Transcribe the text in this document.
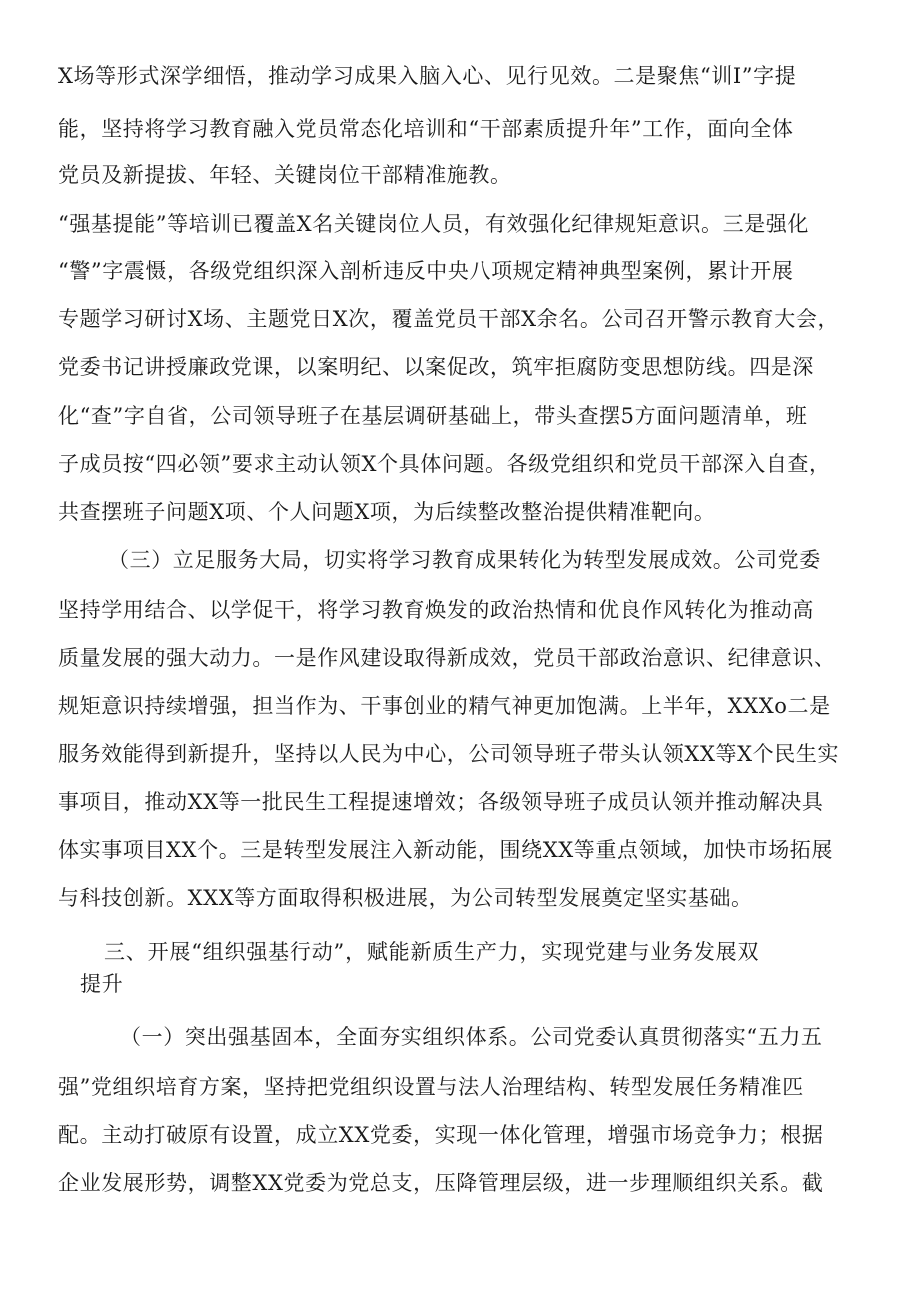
X场等形式深学细悟，推动学习成果入脑入心、见行见效。二是聚焦“训I”字提
能，坚持将学习教育融入党员常态化培训和“干部素质提升年”工作，面向全体
党员及新提拔、年轻、关键岗位干部精准施教。
“强基提能”等培训已覆盖X名关键岗位人员，有效强化纪律规矩意识。三是强化
“警”字震慑，各级党组织深入剖析违反中央八项规定精神典型案例，累计开展
专题学习研讨X场、主题党日X次，覆盖党员干部X余名。公司召开警示教育大会，
党委书记讲授廉政党课，以案明纪、以案促改，筑牢拒腐防变思想防线。四是深
化“查”字自省，公司领导班子在基层调研基础上，带头查摆5方面问题清单，班
子成员按“四必领”要求主动认领X个具体问题。各级党组织和党员干部深入自查，
共查摆班子问题X项、个人问题X项，为后续整改整治提供精准靶向。
（三）立足服务大局，切实将学习教育成果转化为转型发展成效。公司党委
坚持学用结合、以学促干，将学习教育焕发的政治热情和优良作风转化为推动高
质量发展的强大动力。一是作风建设取得新成效，党员干部政治意识、纪律意识、
规矩意识持续增强，担当作为、干事创业的精气神更加饱满。上半年，XXXo二是
服务效能得到新提升，坚持以人民为中心，公司领导班子带头认领XX等X个民生实
事项目，推动XX等一批民生工程提速增效；各级领导班子成员认领并推动解决具
体实事项目XX个。三是转型发展注入新动能，围绕XX等重点领域，加快市场拓展
与科技创新。XXX等方面取得积极进展，为公司转型发展奠定坚实基础。
三、开展“组织强基行动”，赋能新质生产力，实现党建与业务发展双
提升
（一）突出强基固本，全面夯实组织体系。公司党委认真贯彻落实“五力五
强”党组织培育方案，坚持把党组织设置与法人治理结构、转型发展任务精准匹
配。主动打破原有设置，成立XX党委，实现一体化管理，增强市场竞争力；根据
企业发展形势，调整XX党委为党总支，压降管理层级，进一步理顺组织关系。截
